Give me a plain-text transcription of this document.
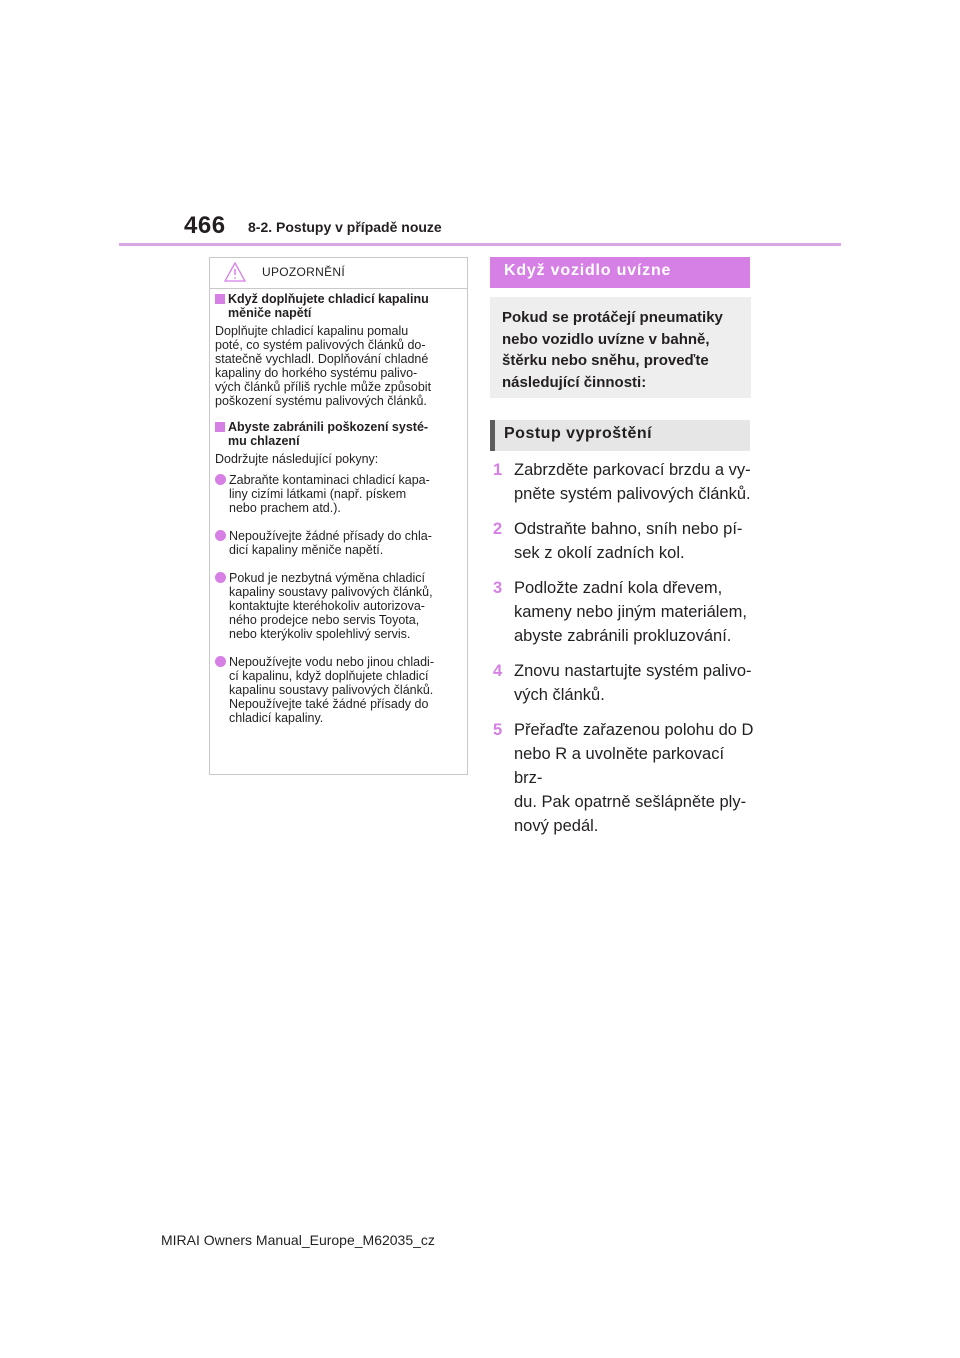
466 8-2. Postupy v případě nouze
UPOZORNĚNÍ
Když doplňujete chladicí kapalinu
měniče napětí
Doplňujte chladicí kapalinu pomalu
poté, co systém palivových článků do-
statečně vychladl. Doplňování chladné
kapaliny do horkého systému palivo-
vých článků příliš rychle může způsobit
poškození systému palivových článků.
Abyste zabránili poškození systé-
mu chlazení
Dodržujte následující pokyny:
Zabraňte kontaminaci chladicí kapa-
liny cizími látkami (např. pískem
nebo prachem atd.).
Nepoužívejte žádné přísady do chla-
dicí kapaliny měniče napětí.
Pokud je nezbytná výměna chladicí
kapaliny soustavy palivových článků,
kontaktujte kteréhokoliv autorizova-
ného prodejce nebo servis Toyota,
nebo kterýkoliv spolehlivý servis.
Nepoužívejte vodu nebo jinou chladi-
cí kapalinu, když doplňujete chladicí
kapalinu soustavy palivových článků.
Nepoužívejte také žádné přísady do
chladicí kapaliny.
Když vozidlo uvízne
Pokud se protáčejí pneumatiky
nebo vozidlo uvízne v bahně,
štěrku nebo sněhu, proveďte
následující činnosti:
Postup vyproštění
1 Zabrzděte parkovací brzdu a vy-
pněte systém palivových článků.
2 Odstraňte bahno, sníh nebo pí-
sek z okolí zadních kol.
3 Podložte zadní kola dřevem,
kameny nebo jiným materiálem,
abyste zabránili prokluzování.
4 Znovu nastartujte systém palivo-
vých článků.
5 Přeřaďte zařazenou polohu do D
nebo R a uvolněte parkovací brz-
du. Pak opatrně sešlápněte ply-
nový pedál.
MIRAI Owners Manual_Europe_M62035_cz
